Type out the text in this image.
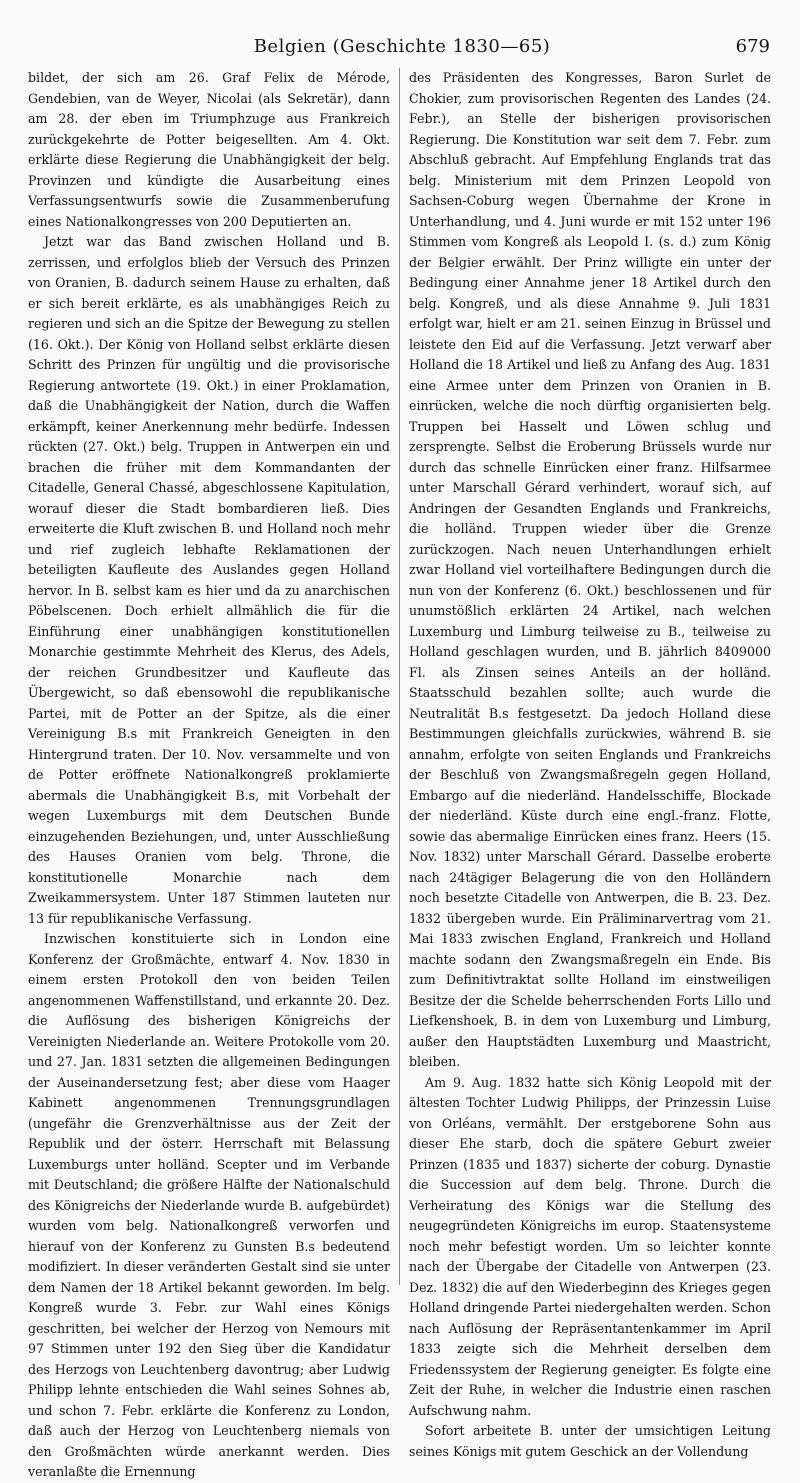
Belgien (Geschichte 1830—65)	679

bildet, der sich am 26. Graf Felix de Mérode, Gendebien, van de Weyer, Nicolai (als Sekretär), dann am 28. der eben im Triumphzuge aus Frankreich zurückgekehrte de Potter beigesellten. Am 4. Okt. erklärte diese Regierung die Unabhängigkeit der belg. Provinzen und kündigte die Ausarbeitung eines Verfassungsentwurfs sowie die Zusammenberufung eines Nationalkongresses von 200 Deputierten an.

Jetzt war das Band zwischen Holland und B. zerrissen, und erfolglos blieb der Versuch des Prinzen von Oranien, B. dadurch seinem Hause zu erhalten, daß er sich bereit erklärte, es als unabhängiges Reich zu regieren und sich an die Spitze der Bewegung zu stellen (16. Okt.). Der König von Holland selbst erklärte diesen Schritt des Prinzen für ungültig und die provisorische Regierung antwortete (19. Okt.) in einer Proklamation, daß die Unabhängigkeit der Nation, durch die Waffen erkämpft, keiner Anerkennung mehr bedürfe. Indessen rückten (27. Okt.) belg. Truppen in Antwerpen ein und brachen die früher mit dem Kommandanten der Citadelle, General Chassé, abgeschlossene Kapitulation, worauf dieser die Stadt bombardieren ließ. Dies erweiterte die Kluft zwischen B. und Holland noch mehr und rief zugleich lebhafte Reklamationen der beteiligten Kaufleute des Auslandes gegen Holland hervor. In B. selbst kam es hier und da zu anarchischen Pöbelscenen. Doch erhielt allmählich die für die Einführung einer unabhängigen konstitutionellen Monarchie gestimmte Mehrheit des Klerus, des Adels, der reichen Grundbesitzer und Kaufleute das Übergewicht, so daß ebensowohl die republikanische Partei, mit de Potter an der Spitze, als die einer Vereinigung B.s mit Frankreich Geneigten in den Hintergrund traten. Der 10. Nov. versammelte und von de Potter eröffnete Nationalkongreß proklamierte abermals die Unabhängigkeit B.s, mit Vorbehalt der wegen Luxemburgs mit dem Deutschen Bunde einzugehenden Beziehungen, und, unter Ausschließung des Hauses Oranien vom belg. Throne, die konstitutionelle Monarchie nach dem Zweikammersystem. Unter 187 Stimmen lauteten nur 13 für republikanische Verfassung.

Inzwischen konstituierte sich in London eine Konferenz der Großmächte, entwarf 4. Nov. 1830 in einem ersten Protokoll den von beiden Teilen angenommenen Waffenstillstand, und erkannte 20. Dez. die Auflösung des bisherigen Königreichs der Vereinigten Niederlande an. Weitere Protokolle vom 20. und 27. Jan. 1831 setzten die allgemeinen Bedingungen der Auseinandersetzung fest; aber diese vom Haager Kabinett angenommenen Trennungsgrundlagen (ungefähr die Grenzverhältnisse aus der Zeit der Republik und der österr. Herrschaft mit Belassung Luxemburgs unter holländ. Scepter und im Verbande mit Deutschland; die größere Hälfte der Nationalschuld des Königreichs der Niederlande wurde B. aufgebürdet) wurden vom belg. Nationalkongreß verworfen und hierauf von der Konferenz zu Gunsten B.s bedeutend modifiziert. In dieser veränderten Gestalt sind sie unter dem Namen der 18 Artikel bekannt geworden. Im belg. Kongreß wurde 3. Febr. zur Wahl eines Königs geschritten, bei welcher der Herzog von Nemours mit 97 Stimmen unter 192 den Sieg über die Kandidatur des Herzogs von Leuchtenberg davontrug; aber Ludwig Philipp lehnte entschieden die Wahl seines Sohnes ab, und schon 7. Febr. erklärte die Konferenz zu London, daß auch der Herzog von Leuchtenberg niemals von den Großmächten würde anerkannt werden. Dies veranlaßte die Ernennung

des Präsidenten des Kongresses, Baron Surlet de Chokier, zum provisorischen Regenten des Landes (24. Febr.), an Stelle der bisherigen provisorischen Regierung. Die Konstitution war seit dem 7. Febr. zum Abschluß gebracht. Auf Empfehlung Englands trat das belg. Ministerium mit dem Prinzen Leopold von Sachsen-Coburg wegen Übernahme der Krone in Unterhandlung, und 4. Juni wurde er mit 152 unter 196 Stimmen vom Kongreß als Leopold I. (s. d.) zum König der Belgier erwählt. Der Prinz willigte ein unter der Bedingung einer Annahme jener 18 Artikel durch den belg. Kongreß, und als diese Annahme 9. Juli 1831 erfolgt war, hielt er am 21. seinen Einzug in Brüssel und leistete den Eid auf die Verfassung. Jetzt verwarf aber Holland die 18 Artikel und ließ zu Anfang des Aug. 1831 eine Armee unter dem Prinzen von Oranien in B. einrücken, welche die noch dürftig organisierten belg. Truppen bei Hasselt und Löwen schlug und zersprengte. Selbst die Eroberung Brüssels wurde nur durch das schnelle Einrücken einer franz. Hilfsarmee unter Marschall Gérard verhindert, worauf sich, auf Andringen der Gesandten Englands und Frankreichs, die holländ. Truppen wieder über die Grenze zurückzogen. Nach neuen Unterhandlungen erhielt zwar Holland viel vorteilhaftere Bedingungen durch die nun von der Konferenz (6. Okt.) beschlossenen und für unumstößlich erklärten 24 Artikel, nach welchen Luxemburg und Limburg teilweise zu B., teilweise zu Holland geschlagen wurden, und B. jährlich 8409000 Fl. als Zinsen seines Anteils an der holländ. Staatsschuld bezahlen sollte; auch wurde die Neutralität B.s festgesetzt. Da jedoch Holland diese Bestimmungen gleichfalls zurückwies, während B. sie annahm, erfolgte von seiten Englands und Frankreichs der Beschluß von Zwangsmaßregeln gegen Holland, Embargo auf die niederländ. Handelsschiffe, Blockade der niederländ. Küste durch eine engl.-franz. Flotte, sowie das abermalige Einrücken eines franz. Heers (15. Nov. 1832) unter Marschall Gérard. Dasselbe eroberte nach 24tägiger Belagerung die von den Holländern noch besetzte Citadelle von Antwerpen, die B. 23. Dez. 1832 übergeben wurde. Ein Präliminarvertrag vom 21. Mai 1833 zwischen England, Frankreich und Holland machte sodann den Zwangsmaßregeln ein Ende. Bis zum Definitivtraktat sollte Holland im einstweiligen Besitze der die Schelde beherrschenden Forts Lillo und Liefkenshoek, B. in dem von Luxemburg und Limburg, außer den Hauptstädten Luxemburg und Maastricht, bleiben.

Am 9. Aug. 1832 hatte sich König Leopold mit der ältesten Tochter Ludwig Philipps, der Prinzessin Luise von Orléans, vermählt. Der erstgeborene Sohn aus dieser Ehe starb, doch die spätere Geburt zweier Prinzen (1835 und 1837) sicherte der coburg. Dynastie die Succession auf dem belg. Throne. Durch die Verheiratung des Königs war die Stellung des neugegründeten Königreichs im europ. Staatensysteme noch mehr befestigt worden. Um so leichter konnte nach der Übergabe der Citadelle von Antwerpen (23. Dez. 1832) die auf den Wiederbeginn des Krieges gegen Holland dringende Partei niedergehalten werden. Schon nach Auflösung der Repräsentantenkammer im April 1833 zeigte sich die Mehrheit derselben dem Friedenssystem der Regierung geneigter. Es folgte eine Zeit der Ruhe, in welcher die Industrie einen raschen Aufschwung nahm.

Sofort arbeitete B. unter der umsichtigen Leitung seines Königs mit gutem Geschick an der Vollendung
